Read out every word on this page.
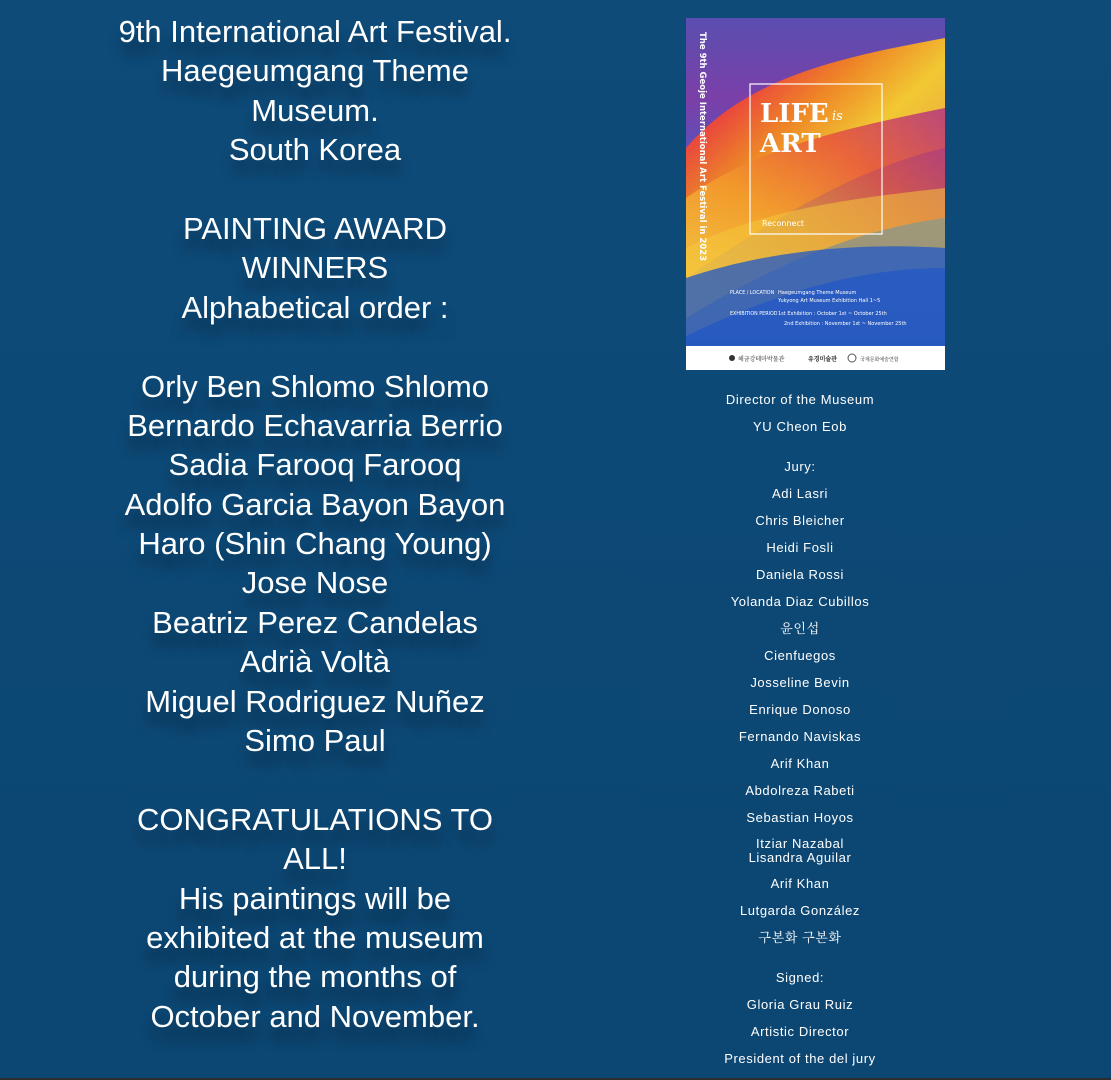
9th International Art Festival.
Haegeumgang Theme
Museum.
South Korea
PAINTING AWARD
WINNERS
Alphabetical order :
Orly Ben Shlomo Shlomo
Bernardo Echavarria Berrio
Sadia Farooq Farooq
Adolfo Garcia Bayon Bayon
Haro (Shin Chang Young)
Jose Nose
Beatriz Perez Candelas
Adrià Voltà
Miguel Rodriguez Nuñez
Simo Paul
CONGRATULATIONS TO
ALL!
His paintings will be
exhibited at the museum
during the months of
October and November.
LIFE is
ART
Reconnect
The 9th Geoje International Art Festival in 2023
PLACE / LOCATION Haegeumgang Theme Museum
Yukyong Art Museum Exhibition Hall 1~5
EXHIBITION PERIOD 1st Exhibition : October 1st ~ October 25th
2nd Exhibition : November 1st ~ November 25th
해금강테마박물관	유경미술관	국제문화예술연합
Director of the Museum
YU Cheon Eob
Jury:
Adi Lasri
Chris Bleicher
Heidi Fosli
Daniela Rossi
Yolanda Diaz Cubillos
윤인섭
Cienfuegos
Josseline Bevin
Enrique Donoso
Fernando Naviskas
Arif Khan
Abdolreza Rabeti
Sebastian Hoyos
Itziar Nazabal
Lisandra Aguilar
Arif Khan
Lutgarda González
구본화 구본화
Signed:
Gloria Grau Ruiz
Artistic Director
President of the del jury
